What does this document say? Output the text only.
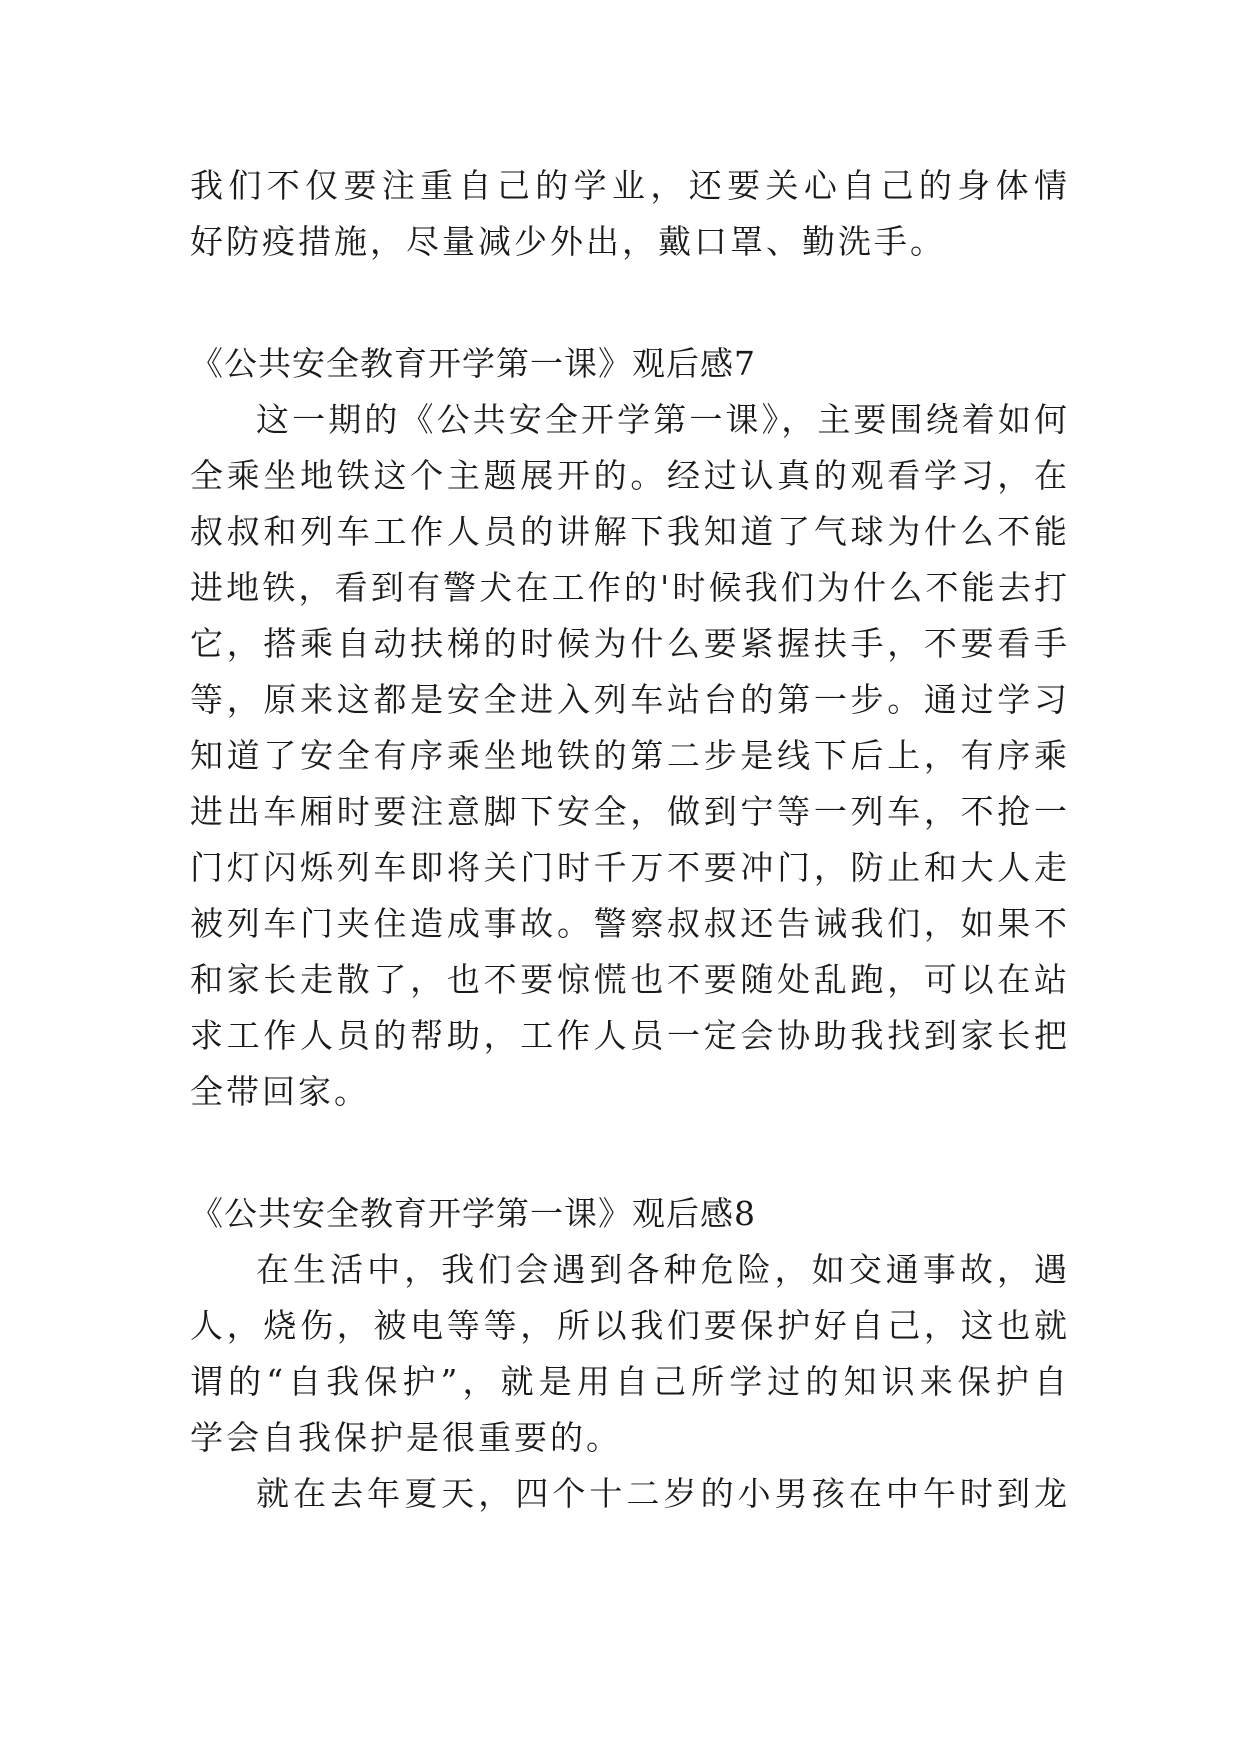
我们不仅要注重自己的学业，还要关心自己的身体情
好防疫措施，尽量减少外出，戴口罩、勤洗手。
《公共安全教育开学第一课》观后感7
这一期的《公共安全开学第一课》，主要围绕着如何
全乘坐地铁这个主题展开的。经过认真的观看学习，在
叔叔和列车工作人员的讲解下我知道了气球为什么不能
进地铁，看到有警犬在工作的'时候我们为什么不能去打
它，搭乘自动扶梯的时候为什么要紧握扶手，不要看手
等，原来这都是安全进入列车站台的第一步。通过学习
知道了安全有序乘坐地铁的第二步是线下后上，有序乘
进出车厢时要注意脚下安全，做到宁等一列车，不抢一
门灯闪烁列车即将关门时千万不要冲门，防止和大人走
被列车门夹住造成事故。警察叔叔还告诫我们，如果不
和家长走散了，也不要惊慌也不要随处乱跑，可以在站
求工作人员的帮助，工作人员一定会协助我找到家长把
全带回家。
《公共安全教育开学第一课》观后感8
在生活中，我们会遇到各种危险，如交通事故，遇
人，烧伤，被电等等，所以我们要保护好自己，这也就
谓的“自我保护”，就是用自己所学过的知识来保护自
学会自我保护是很重要的。
就在去年夏天，四个十二岁的小男孩在中午时到龙
